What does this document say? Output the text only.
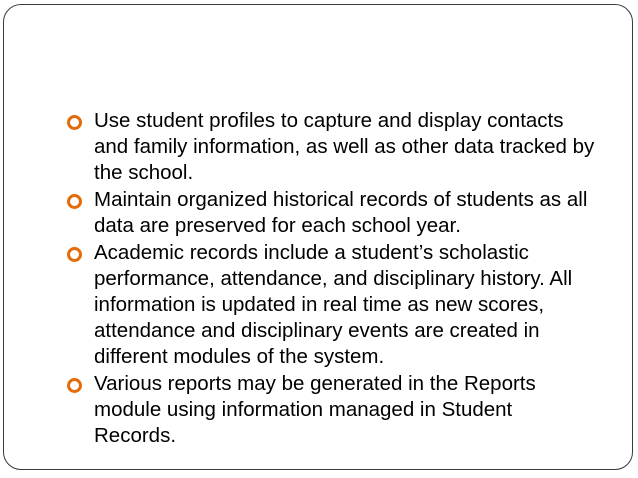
Use student profiles to capture and display contacts and family information, as well as other data tracked by the school.
Maintain organized historical records of students as all data are preserved for each school year.
Academic records include a student’s scholastic performance, attendance, and disciplinary history. All information is updated in real time as new scores, attendance and disciplinary events are created in different modules of the system.
Various reports may be generated in the Reports module using information managed in Student Records.
